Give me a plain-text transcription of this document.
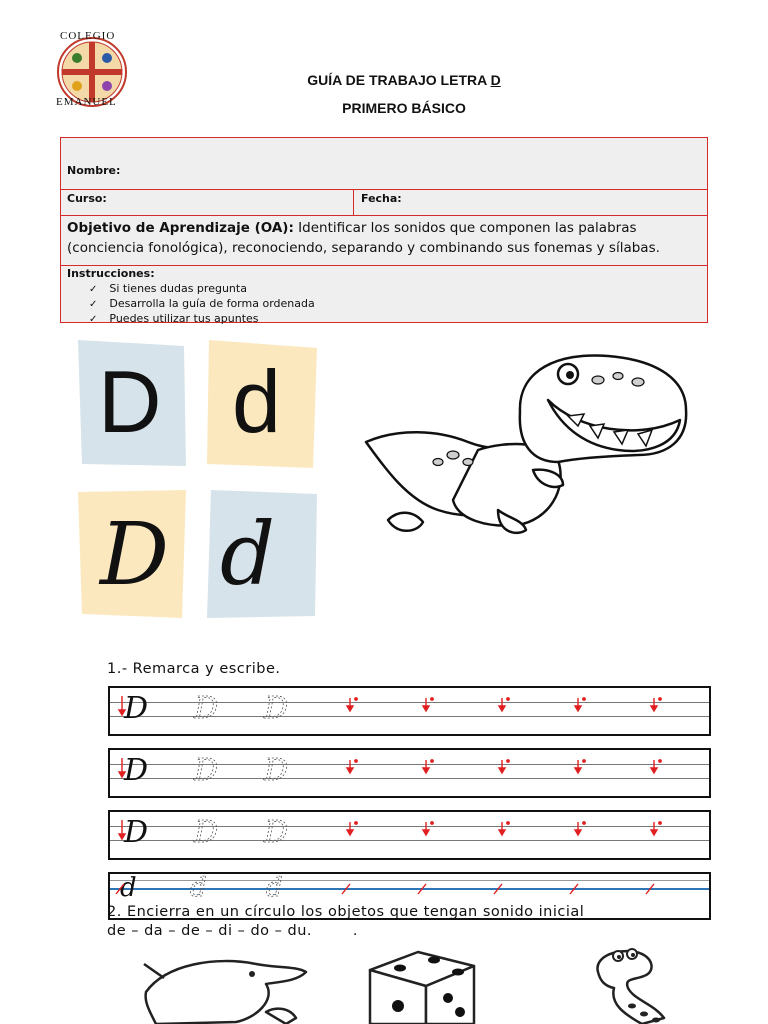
COLEGIO
EMANUEL
GUÍA DE TRABAJO LETRA D
PRIMERO BÁSICO
Nombre:
Curso:	Fecha:
Objetivo de Aprendizaje (OA): Identificar los sonidos que componen las palabras (conciencia fonológica), reconociendo, separando y combinando sus fonemas y sílabas.
Instrucciones:
✓ Si tienes dudas pregunta
✓ Desarrolla la guía de forma ordenada
✓ Puedes utilizar tus apuntes
D d
D d
1.- Remarca y escribe.
D D D
D D D
D D D
d d d
2. Encierra en un círculo los objetos que tengan sonido inicial
de – da – de – di – do – du.        .
